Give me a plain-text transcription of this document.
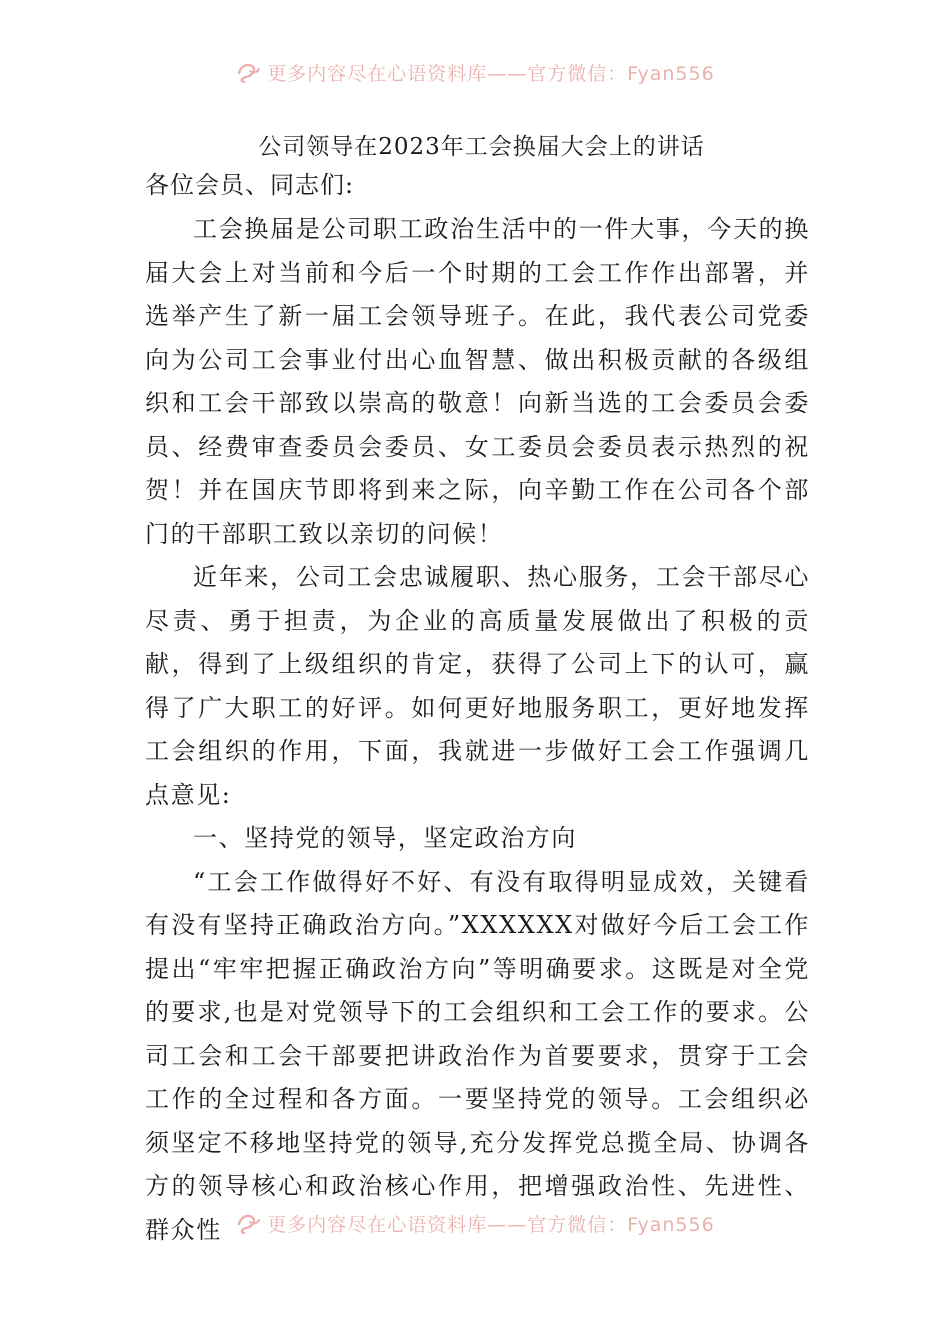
更多内容尽在心语资料库——官方微信：Fyan556
公司领导在2023年工会换届大会上的讲话

各位会员、同志们:

工会换届是公司职工政治生活中的一件大事，今天的换届大会上对当前和今后一个时期的工会工作作出部署，并选举产生了新一届工会领导班子。在此，我代表公司党委向为公司工会事业付出心血智慧、做出积极贡献的各级组织和工会干部致以崇高的敬意！向新当选的工会委员会委员、经费审查委员会委员、女工委员会委员表示热烈的祝贺！并在国庆节即将到来之际，向辛勤工作在公司各个部门的干部职工致以亲切的问候！

近年来，公司工会忠诚履职、热心服务，工会干部尽心尽责、勇于担责，为企业的高质量发展做出了积极的贡献，得到了上级组织的肯定，获得了公司上下的认可，赢得了广大职工的好评。如何更好地服务职工，更好地发挥工会组织的作用，下面，我就进一步做好工会工作强调几点意见:

一、坚持党的领导，坚定政治方向

“工会工作做得好不好、有没有取得明显成效，关键看有没有坚持正确政治方向。”XXXXXX对做好今后工会工作提出“牢牢把握正确政治方向”等明确要求。这既是对全党的要求,也是对党领导下的工会组织和工会工作的要求。公司工会和工会干部要把讲政治作为首要要求，贯穿于工会工作的全过程和各方面。一要坚持党的领导。工会组织必须坚定不移地坚持党的领导,充分发挥党总揽全局、协调各方的领导核心和政治核心作用，把增强政治性、先进性、群众性	更多内容尽在心语资料库——官方微信：Fyan556
